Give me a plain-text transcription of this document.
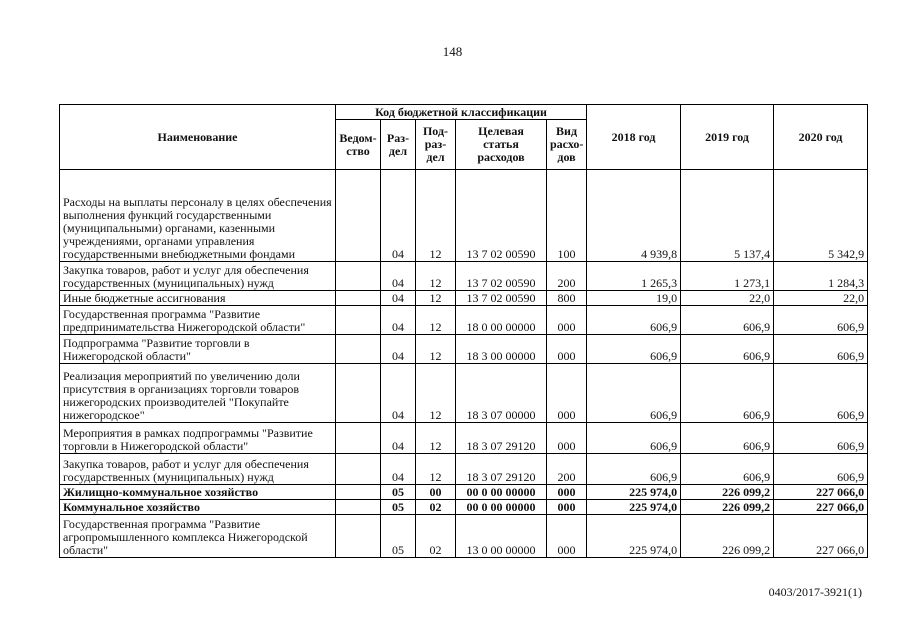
148
Наименование	Код бюджетной классификации					2018 год	2019 год	2020 год
	Ведом-ство	Раз-дел	Под-раз-дел	Целевая статья расходов	Вид расхо-дов			
Расходы на выплаты персоналу в целях обеспечения выполнения функций государственными (муниципальными) органами, казенными учреждениями, органами управления государственными внебюджетными фондами		04	12	13 7 02 00590	100	4 939,8	5 137,4	5 342,9
Закупка товаров, работ и услуг для обеспечения государственных (муниципальных) нужд		04	12	13 7 02 00590	200	1 265,3	1 273,1	1 284,3
Иные бюджетные ассигнования		04	12	13 7 02 00590	800	19,0	22,0	22,0
Государственная программа "Развитие предпринимательства Нижегородской области"		04	12	18 0 00 00000	000	606,9	606,9	606,9
Подпрограмма "Развитие торговли в Нижегородской области"		04	12	18 3 00 00000	000	606,9	606,9	606,9
Реализация мероприятий по увеличению доли присутствия в организациях торговли товаров нижегородских производителей "Покупайте нижегородское"		04	12	18 3 07 00000	000	606,9	606,9	606,9
Мероприятия в рамках подпрограммы "Развитие торговли в Нижегородской области"		04	12	18 3 07 29120	000	606,9	606,9	606,9
Закупка товаров, работ и услуг для обеспечения государственных (муниципальных) нужд		04	12	18 3 07 29120	200	606,9	606,9	606,9
Жилищно-коммунальное хозяйство		05	00	00 0 00 00000	000	225 974,0	226 099,2	227 066,0
Коммунальное хозяйство		05	02	00 0 00 00000	000	225 974,0	226 099,2	227 066,0
Государственная программа "Развитие агропромышленного комплекса Нижегородской области"		05	02	13 0 00 00000	000	225 974,0	226 099,2	227 066,0
0403/2017-3921(1)
